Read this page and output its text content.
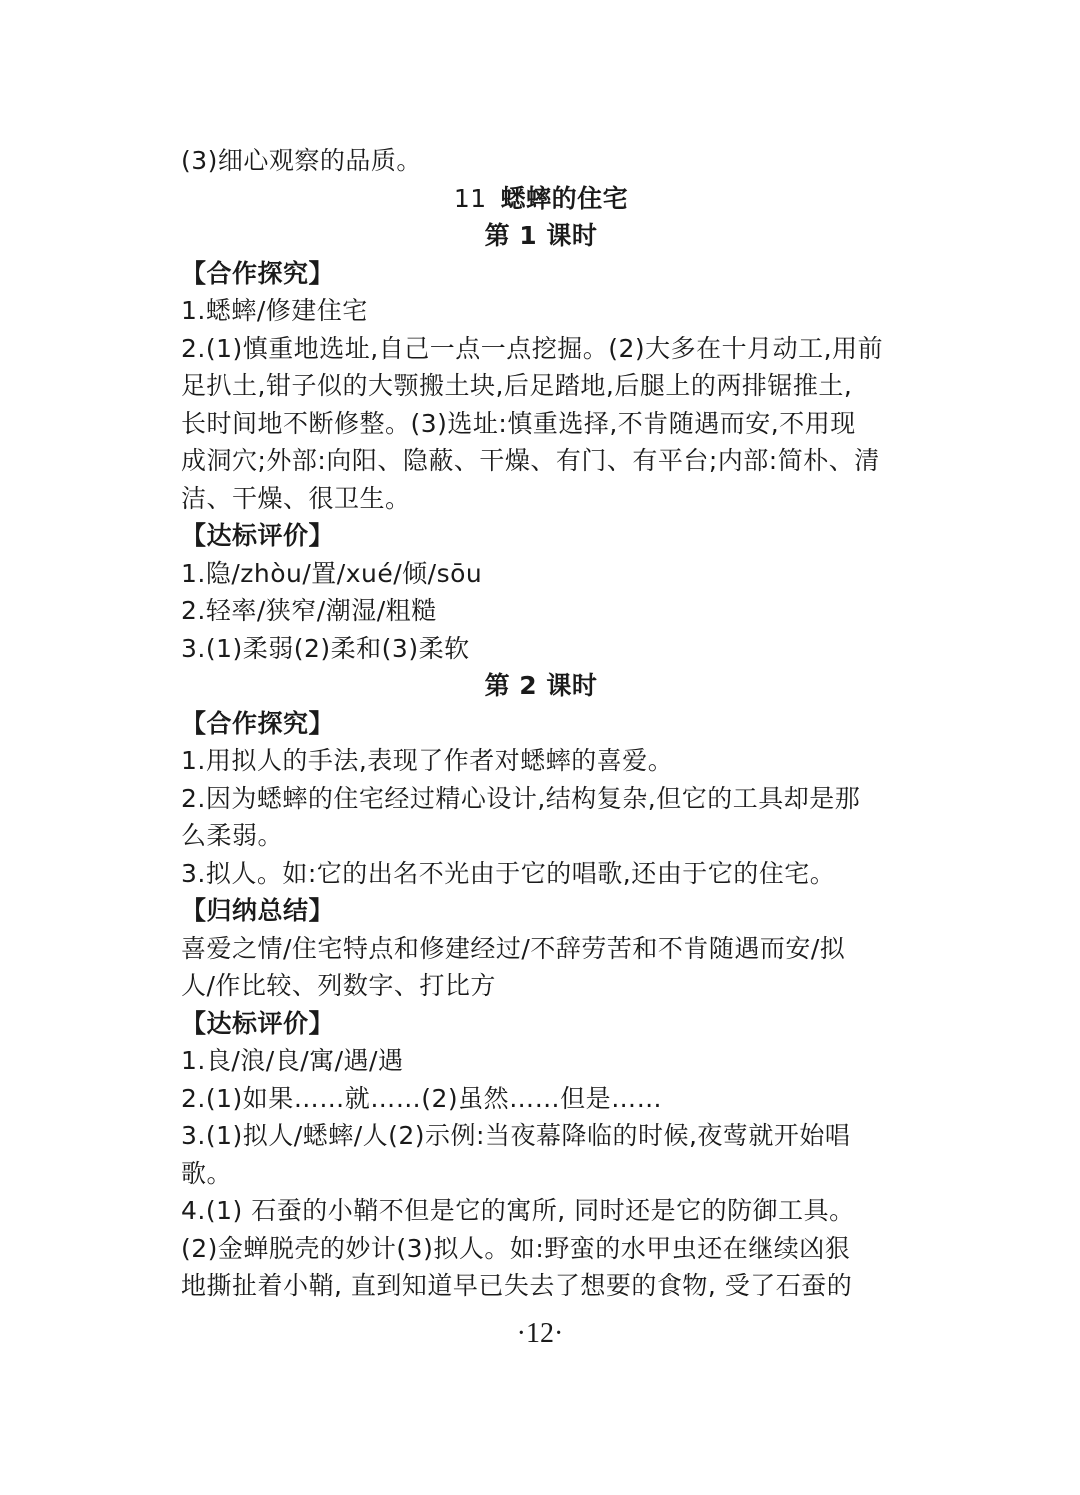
(3)细心观察的品质。
11 蟋蟀的住宅
第 1 课时
【合作探究】
1.蟋蟀/修建住宅
2.(1)慎重地选址,自己一点一点挖掘。(2)大多在十月动工,用前
足扒土,钳子似的大颚搬土块,后足踏地,后腿上的两排锯推土,
长时间地不断修整。(3)选址:慎重选择,不肯随遇而安,不用现
成洞穴;外部:向阳、隐蔽、干燥、有门、有平台;内部:简朴、清
洁、干燥、很卫生。
【达标评价】
1.隐/zhòu/置/xué/倾/sōu
2.轻率/狭窄/潮湿/粗糙
3.(1)柔弱(2)柔和(3)柔软
第 2 课时
【合作探究】
1.用拟人的手法,表现了作者对蟋蟀的喜爱。
2.因为蟋蟀的住宅经过精心设计,结构复杂,但它的工具却是那
么柔弱。
3.拟人。如:它的出名不光由于它的唱歌,还由于它的住宅。
【归纳总结】
喜爱之情/住宅特点和修建经过/不辞劳苦和不肯随遇而安/拟
人/作比较、列数字、打比方
【达标评价】
1.良/浪/良/寓/遇/遇
2.(1)如果……就……(2)虽然……但是……
3.(1)拟人/蟋蟀/人(2)示例:当夜幕降临的时候,夜莺就开始唱
歌。
4.(1) 石蚕的小鞘不但是它的寓所, 同时还是它的防御工具。
(2)金蝉脱壳的妙计(3)拟人。如:野蛮的水甲虫还在继续凶狠
地撕扯着小鞘, 直到知道早已失去了想要的食物, 受了石蚕的
·12·
